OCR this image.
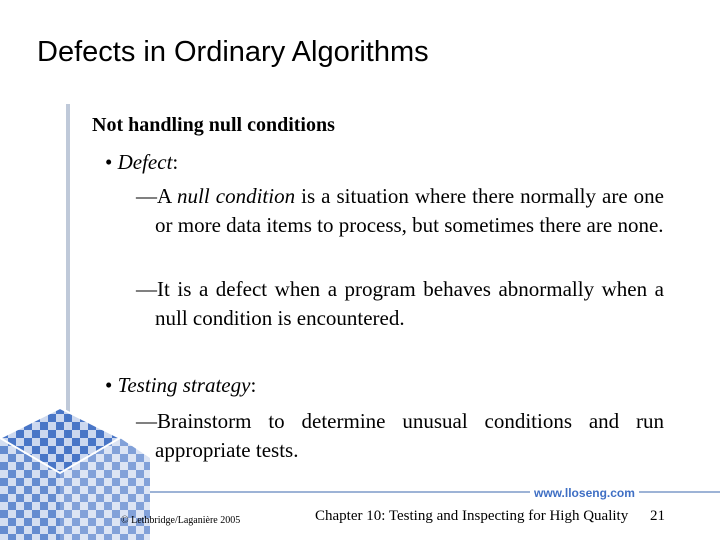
Defects in Ordinary Algorithms
Not handling null conditions
• Defect:
—A null condition is a situation where there normally are one or more data items to process, but sometimes there are none.
—It is a defect when a program behaves abnormally when a null condition is encountered.
• Testing strategy:
—Brainstorm to determine unusual conditions and run appropriate tests.
www.lloseng.com
© Lethbridge/Laganière 2005	Chapter 10: Testing and Inspecting for High Quality 21
